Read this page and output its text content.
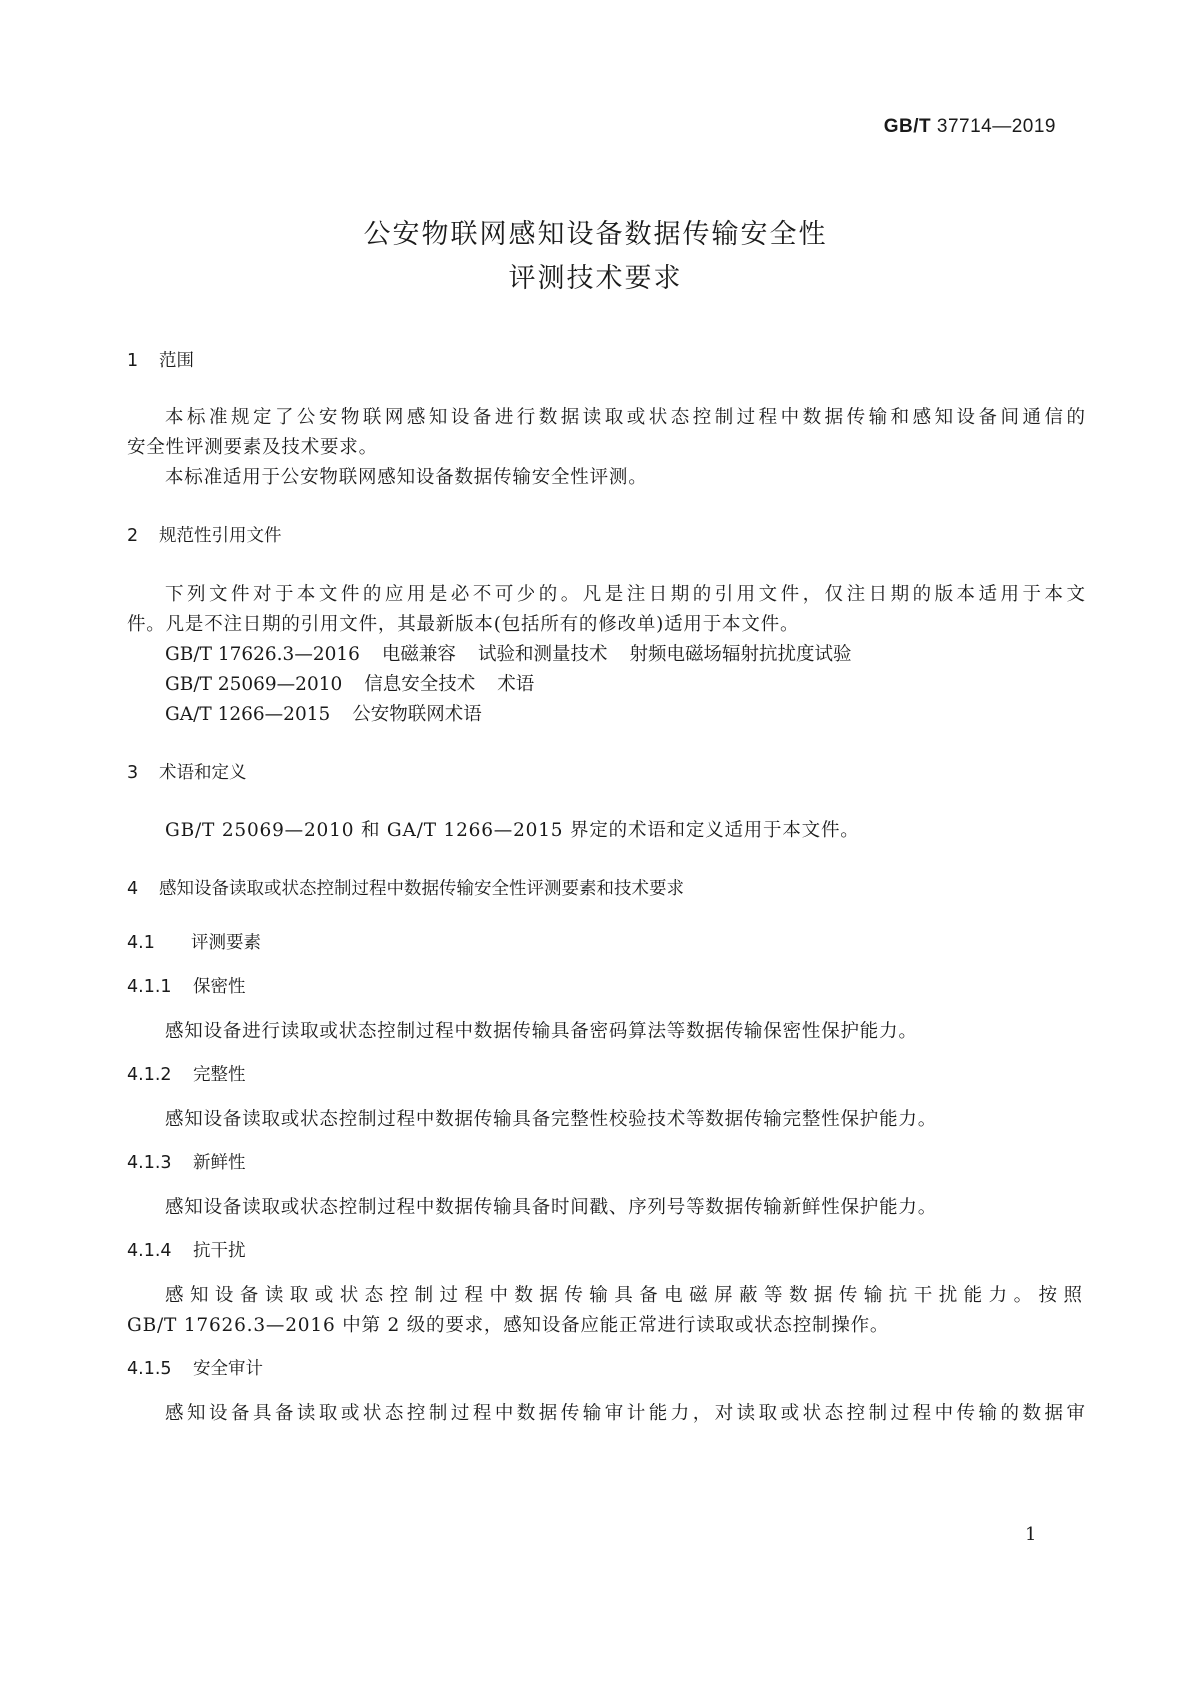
GB/T 37714—2019
公安物联网感知设备数据传输安全性
评测技术要求
1 范围
本标准规定了公安物联网感知设备进行数据读取或状态控制过程中数据传输和感知设备间通信的
安全性评测要素及技术要求。
本标准适用于公安物联网感知设备数据传输安全性评测。
2 规范性引用文件
下列文件对于本文件的应用是必不可少的。凡是注日期的引用文件，仅注日期的版本适用于本文
件。凡是不注日期的引用文件，其最新版本(包括所有的修改单)适用于本文件。
GB/T 17626.3—2016 电磁兼容 试验和测量技术 射频电磁场辐射抗扰度试验
GB/T 25069—2010 信息安全技术 术语
GA/T 1266—2015 公安物联网术语
3 术语和定义
GB/T 25069—2010 和 GA/T 1266—2015 界定的术语和定义适用于本文件。
4 感知设备读取或状态控制过程中数据传输安全性评测要素和技术要求
4.1 评测要素
4.1.1 保密性
感知设备进行读取或状态控制过程中数据传输具备密码算法等数据传输保密性保护能力。
4.1.2 完整性
感知设备读取或状态控制过程中数据传输具备完整性校验技术等数据传输完整性保护能力。
4.1.3 新鲜性
感知设备读取或状态控制过程中数据传输具备时间戳、序列号等数据传输新鲜性保护能力。
4.1.4 抗干扰
感知设备读取或状态控制过程中数据传输具备电磁屏蔽等数据传输抗干扰能力。按照
GB/T 17626.3—2016 中第 2 级的要求，感知设备应能正常进行读取或状态控制操作。
4.1.5 安全审计
感知设备具备读取或状态控制过程中数据传输审计能力，对读取或状态控制过程中传输的数据审
1
